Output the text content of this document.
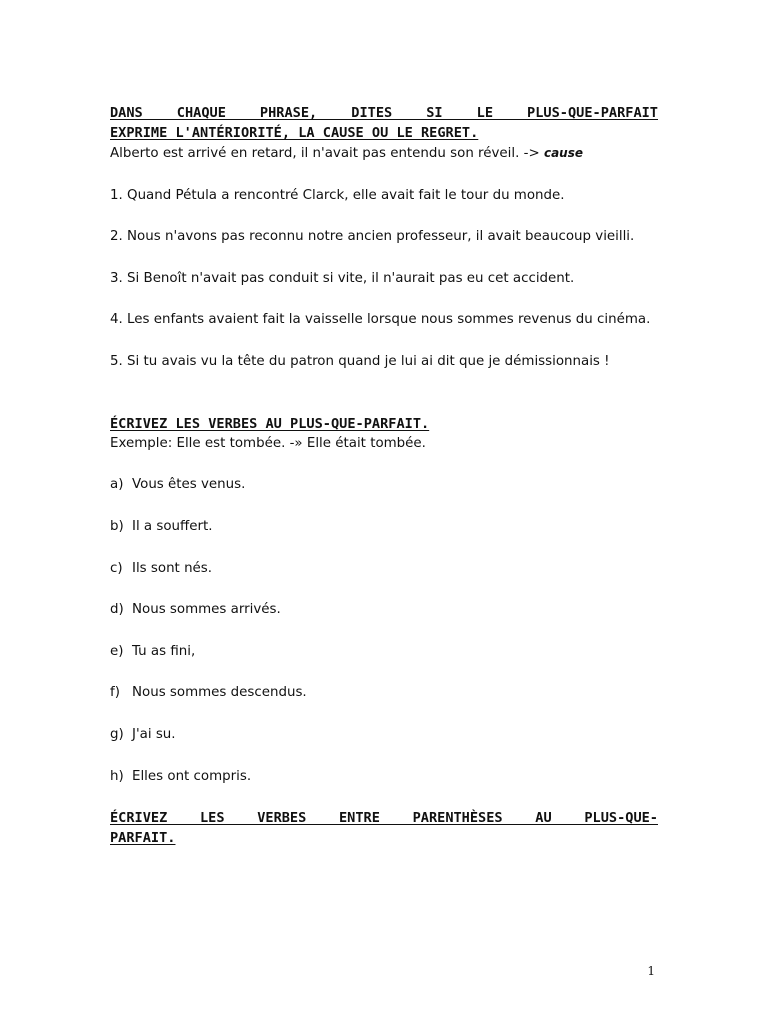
DANS CHAQUE PHRASE, DITES SI LE PLUS-QUE-PARFAIT
EXPRIME L'ANTÉRIORITÉ, LA CAUSE OU LE REGRET.

Alberto est arrivé en retard, il n'avait pas entendu son réveil. -> cause

1. Quand Pétula a rencontré Clarck, elle avait fait le tour du monde.

2. Nous n'avons pas reconnu notre ancien professeur, il avait beaucoup vieilli.

3. Si Benoît n'avait pas conduit si vite, il n'aurait pas eu cet accident.

4. Les enfants avaient fait la vaisselle lorsque nous sommes revenus du cinéma.

5. Si tu avais vu la tête du patron quand je lui ai dit que je démissionnais !

ÉCRIVEZ LES VERBES AU PLUS-QUE-PARFAIT.

Exemple: Elle est tombée. -» Elle était tombée.

a) Vous êtes venus.

b) Il a souffert.

c) Ils sont nés.

d) Nous sommes arrivés.

e) Tu as fini,

f) Nous sommes descendus.

g) J'ai su.

h) Elles ont compris.

ÉCRIVEZ LES VERBES ENTRE PARENTHÈSES AU PLUS-QUE-
PARFAIT.
1
